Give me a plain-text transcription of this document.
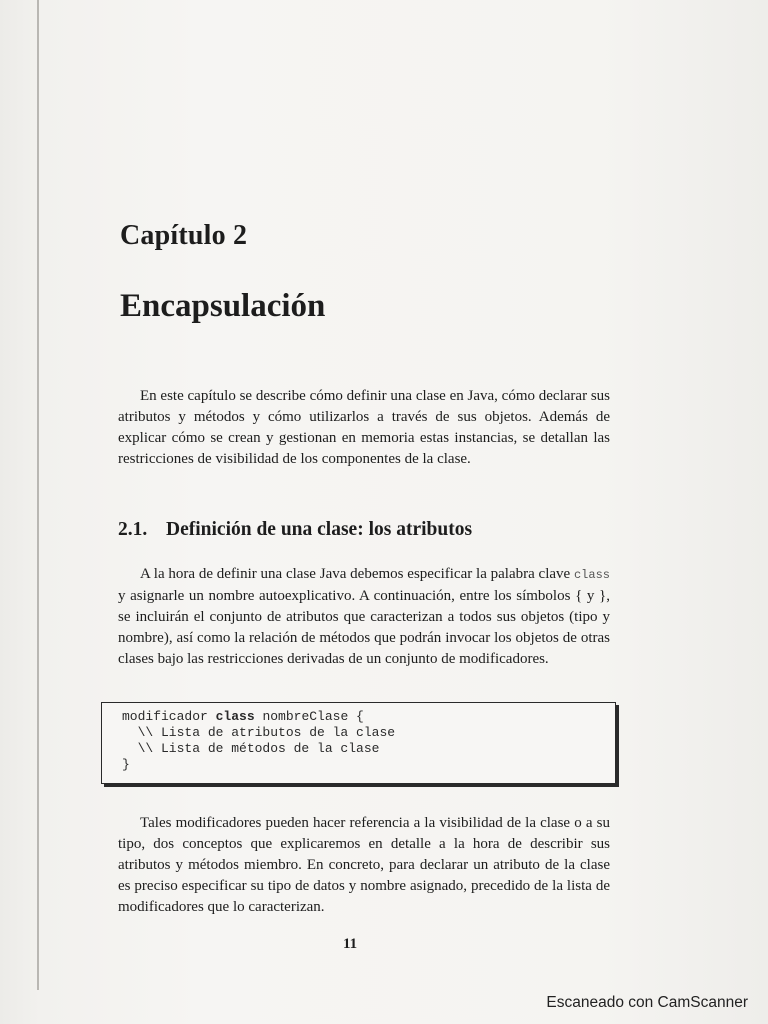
Capítulo 2
Encapsulación

En este capítulo se describe cómo definir una clase en Java, cómo declarar sus atributos y métodos y cómo utilizarlos a través de sus objetos. Además de explicar cómo se crean y gestionan en memoria estas instancias, se detallan las restricciones de visibilidad de los componentes de la clase.

2.1. Definición de una clase: los atributos

A la hora de definir una clase Java debemos especificar la palabra clave class y asignarle un nombre autoexplicativo. A continuación, entre los símbolos { y }, se incluirán el conjunto de atributos que caracterizan a todos sus objetos (tipo y nombre), así como la relación de métodos que podrán invocar los objetos de otras clases bajo las restricciones derivadas de un conjunto de modificadores.

modificador class nombreClase {
\\ Lista de atributos de la clase
\\ Lista de métodos de la clase
}

Tales modificadores pueden hacer referencia a la visibilidad de la clase o a su tipo, dos conceptos que explicaremos en detalle a la hora de describir sus atributos y métodos miembro. En concreto, para declarar un atributo de la clase es preciso especificar su tipo de datos y nombre asignado, precedido de la lista de modificadores que lo caracterizan.

11
Escaneado con CamScanner
